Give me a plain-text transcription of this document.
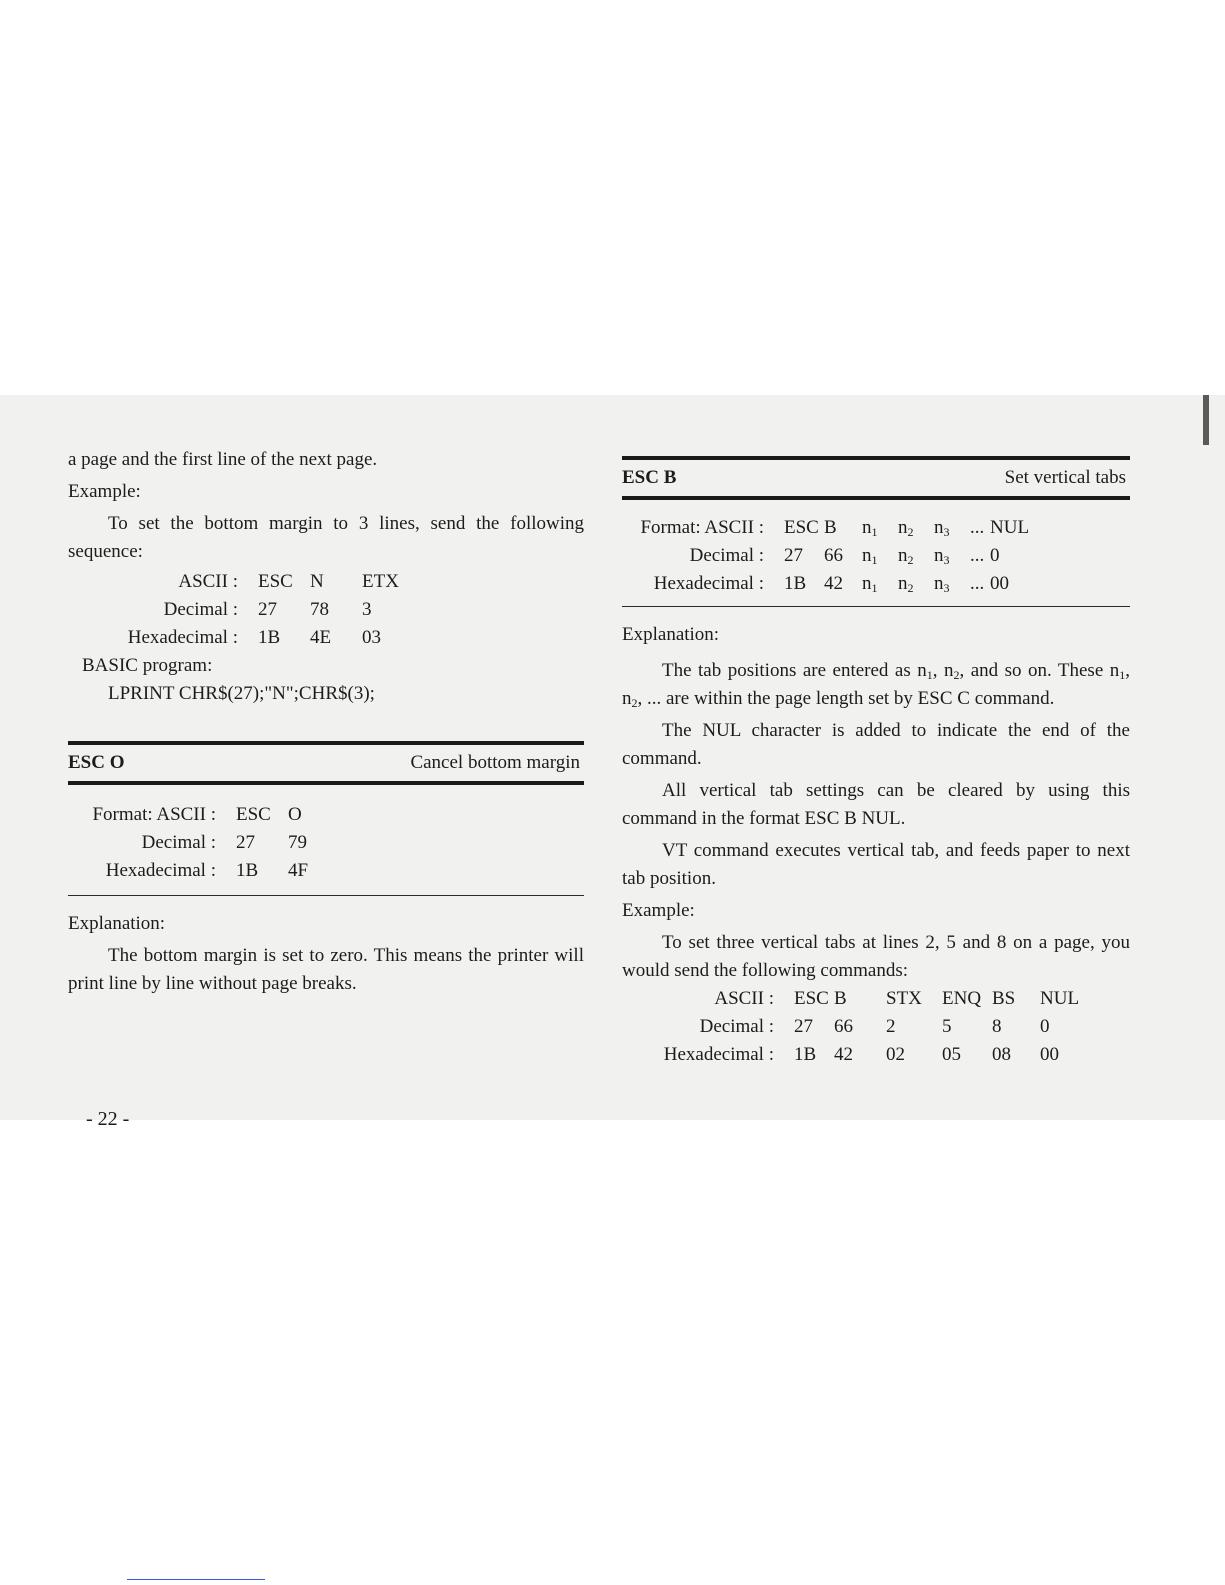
a page and the first line of the next page.

Example:

To set the bottom margin to 3 lines, send the following sequence:

ASCII : ESC N	ETX
Decimal : 27	78	3
Hexadecimal : 1B	4E	03

BASIC program:

LPRINT CHR$(27);"N";CHR$(3);

ESC O	Cancel bottom margin
Format: ASCII : ESC O
Decimal : 27	79
Hexadecimal : 1B	4F

Explanation:

The bottom margin is set to zero. This means the printer will print line by line without page breaks.

ESC B	Set vertical tabs
Format: ASCII : ESC B	$n_1$	$n_2$	$n_3$	... NUL
Decimal : 27	66	$n_1$	$n_2$	$n_3$	... 0
Hexadecimal : 1B 42	$n_1$	$n_2$	$n_3$	... 00

Explanation:

The tab positions are entered as $n_1$, $n_2$, and so on. These $n_1$, $n_2$, ... are within the page length set by ESC C command.

The NUL character is added to indicate the end of the command.

All vertical tab settings can be cleared by using this command in the format ESC B NUL.

VT command executes vertical tab, and feeds paper to next tab position.

Example:

To set three vertical tabs at lines 2, 5 and 8 on a page, you would send the following commands:

ASCII : ESC B	STX	ENQ BS	NUL
Decimal : 27	66	2	5	8	0
Hexadecimal : 1B 42	02	05	08	00
- 22 -
